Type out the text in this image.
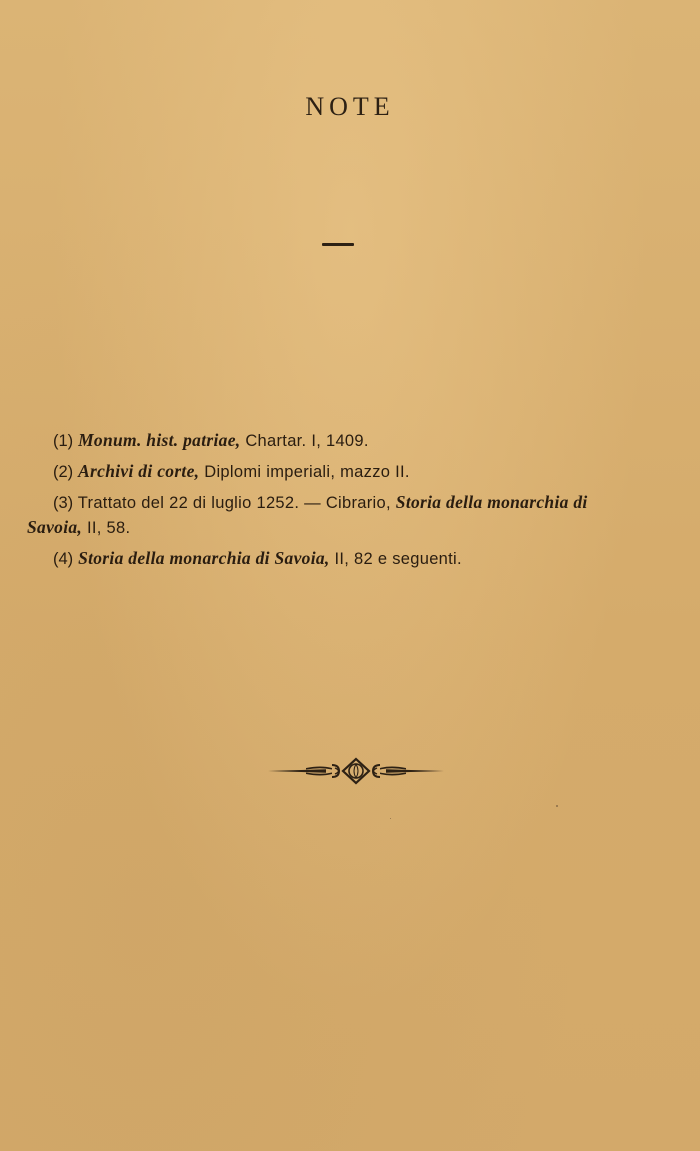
NOTE

(1) Monum. hist. patriae, Chartar. I, 1409.

(2) Archivi di corte, Diplomi imperiali, mazzo II.

(3) Trattato del 22 di luglio 1252. — Cibrario, Storia della monarchia di Savoia, II, 58.

(4) Storia della monarchia di Savoia, II, 82 e seguenti.
